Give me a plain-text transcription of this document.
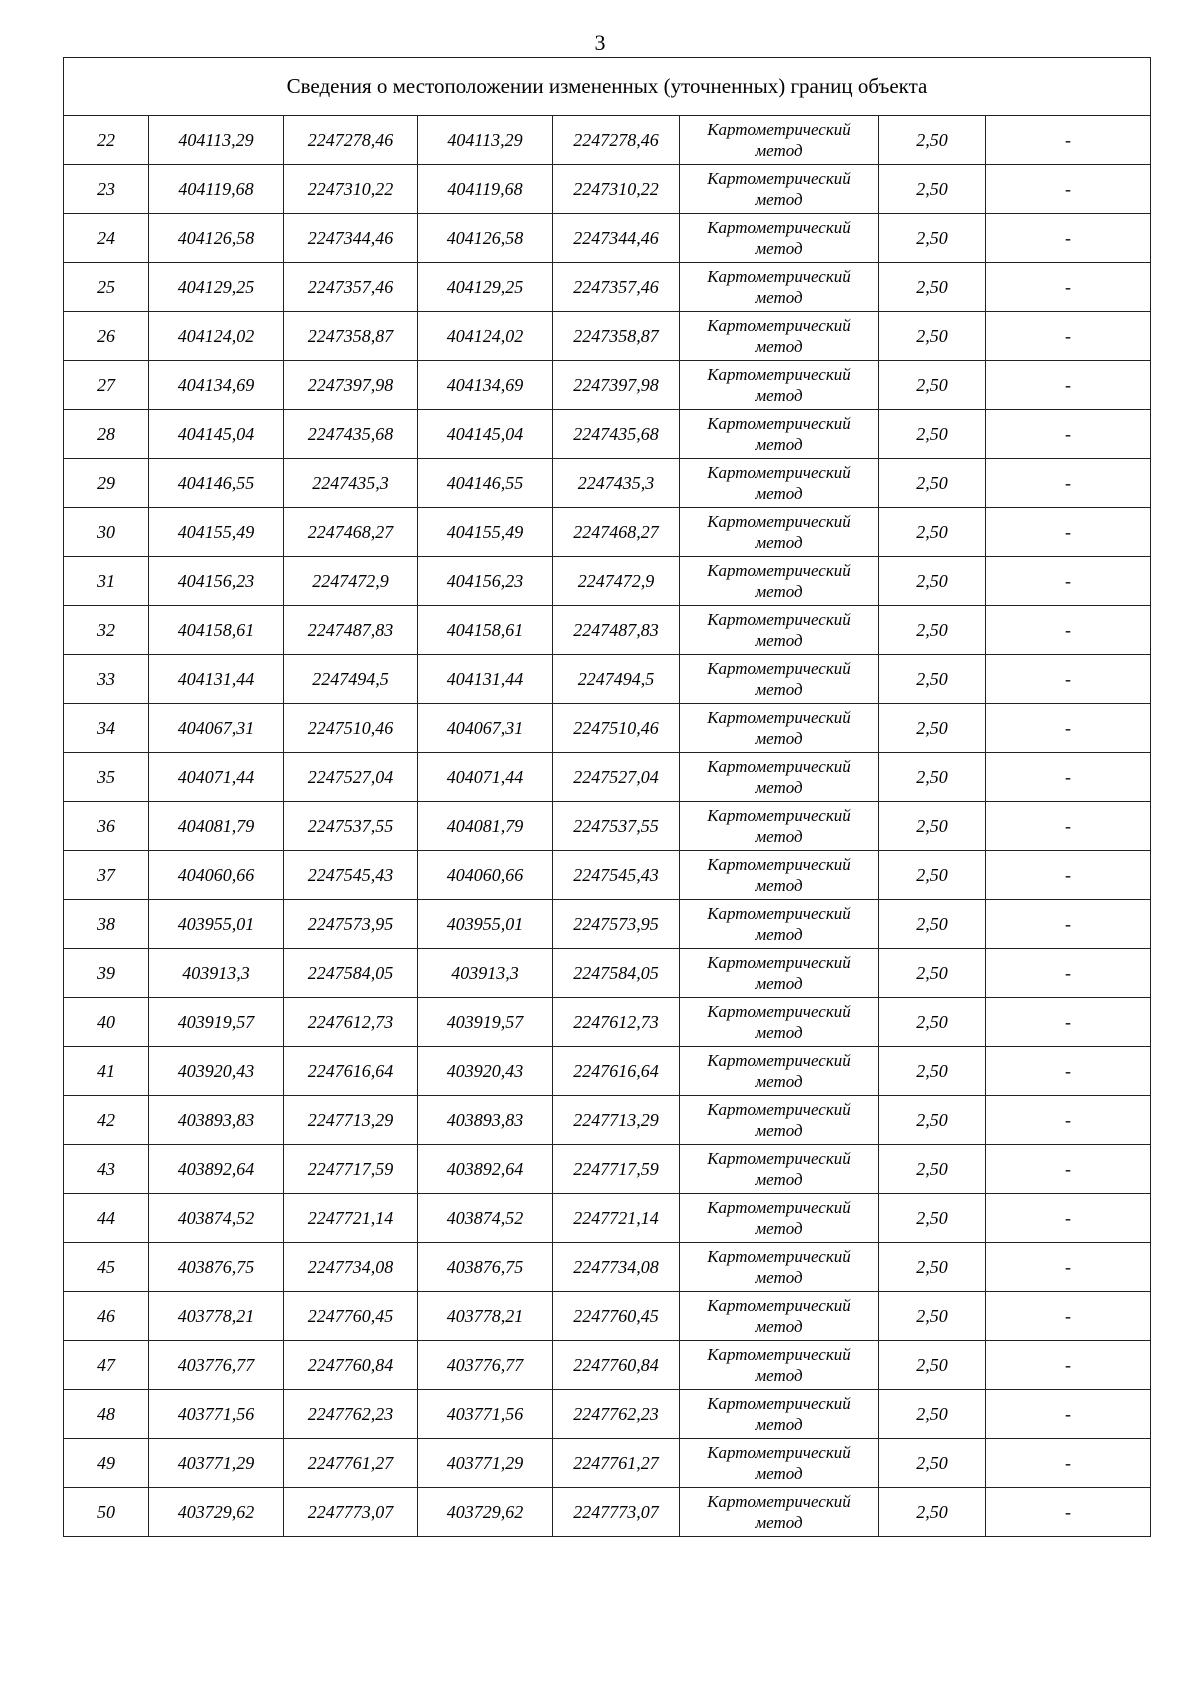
3
Сведения о местоположении измененных (уточненных) границ объекта							
22	404113,29	2247278,46	404113,29	2247278,46	Картометрический
метод	2,50	-
23	404119,68	2247310,22	404119,68	2247310,22	Картометрический
метод	2,50	-
24	404126,58	2247344,46	404126,58	2247344,46	Картометрический
метод	2,50	-
25	404129,25	2247357,46	404129,25	2247357,46	Картометрический
метод	2,50	-
26	404124,02	2247358,87	404124,02	2247358,87	Картометрический
метод	2,50	-
27	404134,69	2247397,98	404134,69	2247397,98	Картометрический
метод	2,50	-
28	404145,04	2247435,68	404145,04	2247435,68	Картометрический
метод	2,50	-
29	404146,55	2247435,3	404146,55	2247435,3	Картометрический
метод	2,50	-
30	404155,49	2247468,27	404155,49	2247468,27	Картометрический
метод	2,50	-
31	404156,23	2247472,9	404156,23	2247472,9	Картометрический
метод	2,50	-
32	404158,61	2247487,83	404158,61	2247487,83	Картометрический
метод	2,50	-
33	404131,44	2247494,5	404131,44	2247494,5	Картометрический
метод	2,50	-
34	404067,31	2247510,46	404067,31	2247510,46	Картометрический
метод	2,50	-
35	404071,44	2247527,04	404071,44	2247527,04	Картометрический
метод	2,50	-
36	404081,79	2247537,55	404081,79	2247537,55	Картометрический
метод	2,50	-
37	404060,66	2247545,43	404060,66	2247545,43	Картометрический
метод	2,50	-
38	403955,01	2247573,95	403955,01	2247573,95	Картометрический
метод	2,50	-
39	403913,3	2247584,05	403913,3	2247584,05	Картометрический
метод	2,50	-
40	403919,57	2247612,73	403919,57	2247612,73	Картометрический
метод	2,50	-
41	403920,43	2247616,64	403920,43	2247616,64	Картометрический
метод	2,50	-
42	403893,83	2247713,29	403893,83	2247713,29	Картометрический
метод	2,50	-
43	403892,64	2247717,59	403892,64	2247717,59	Картометрический
метод	2,50	-
44	403874,52	2247721,14	403874,52	2247721,14	Картометрический
метод	2,50	-
45	403876,75	2247734,08	403876,75	2247734,08	Картометрический
метод	2,50	-
46	403778,21	2247760,45	403778,21	2247760,45	Картометрический
метод	2,50	-
47	403776,77	2247760,84	403776,77	2247760,84	Картометрический
метод	2,50	-
48	403771,56	2247762,23	403771,56	2247762,23	Картометрический
метод	2,50	-
49	403771,29	2247761,27	403771,29	2247761,27	Картометрический
метод	2,50	-
50	403729,62	2247773,07	403729,62	2247773,07	Картометрический
метод	2,50	-
